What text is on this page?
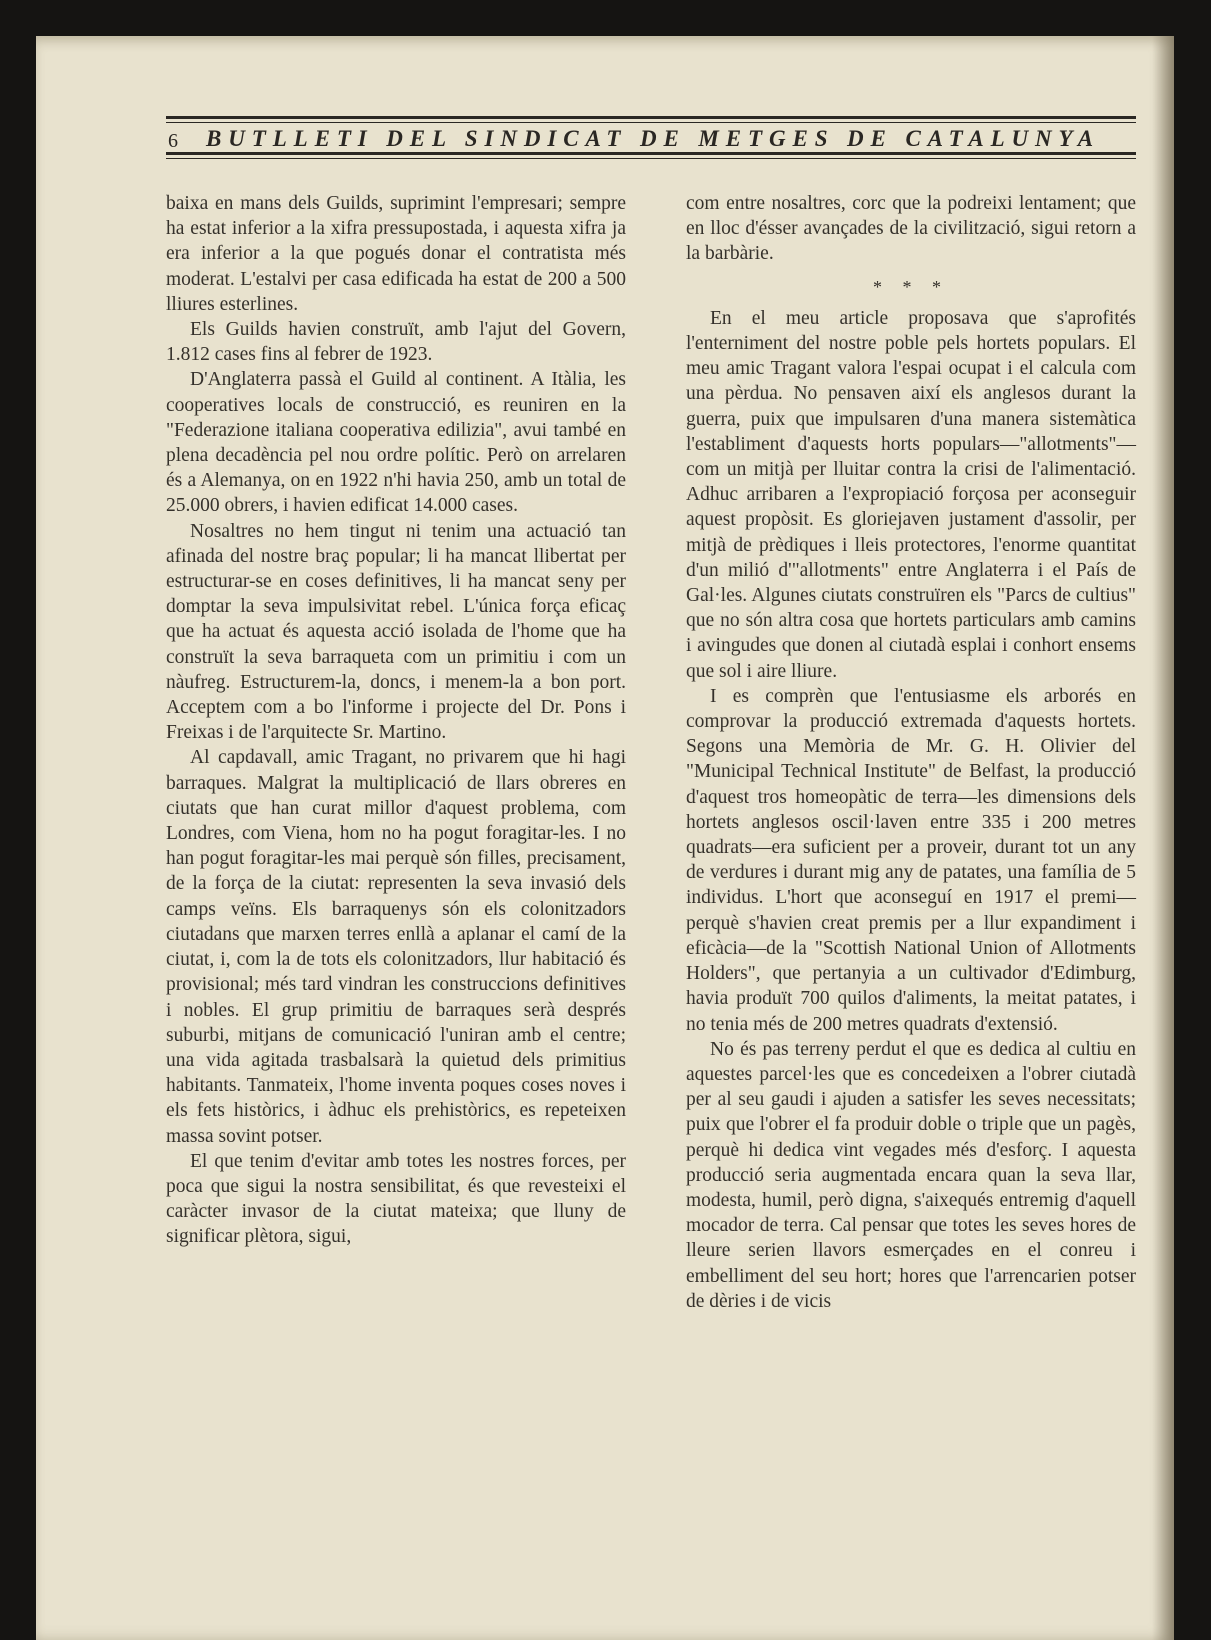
6 BUTLLETI DEL SINDICAT DE METGES DE CATALUNYA

baixa en mans dels Guilds, suprimint l'empresari; sempre ha estat inferior a la xifra pressupostada, i aquesta xifra ja era inferior a la que pogués donar el contratista més moderat. L'estalvi per casa edificada ha estat de 200 a 500 lliures esterlines.

Els Guilds havien construït, amb l'ajut del Govern, 1.812 cases fins al febrer de 1923.

D'Anglaterra passà el Guild al continent. A Itàlia, les cooperatives locals de construcció, es reuniren en la "Federazione italiana cooperativa edilizia", avui també en plena decadència pel nou ordre polític. Però on arrelaren és a Alemanya, on en 1922 n'hi havia 250, amb un total de 25.000 obrers, i havien edificat 14.000 cases.

Nosaltres no hem tingut ni tenim una actuació tan afinada del nostre braç popular; li ha mancat llibertat per estructurar-se en coses definitives, li ha mancat seny per domptar la seva impulsivitat rebel. L'única força eficaç que ha actuat és aquesta acció isolada de l'home que ha construït la seva barraqueta com un primitiu i com un nàufreg. Estructurem-la, doncs, i menem-la a bon port. Acceptem com a bo l'informe i projecte del Dr. Pons i Freixas i de l'arquitecte Sr. Martino.

Al capdavall, amic Tragant, no privarem que hi hagi barraques. Malgrat la multiplicació de llars obreres en ciutats que han curat millor d'aquest problema, com Londres, com Viena, hom no ha pogut foragitar-les. I no han pogut foragitar-les mai perquè són filles, precisament, de la força de la ciutat: representen la seva invasió dels camps veïns. Els barraquenys són els colonitzadors ciutadans que marxen terres enllà a aplanar el camí de la ciutat, i, com la de tots els colonitzadors, llur habitació és provisional; més tard vindran les construccions definitives i nobles. El grup primitiu de barraques serà després suburbi, mitjans de comunicació l'uniran amb el centre; una vida agitada trasbalsarà la quietud dels primitius habitants. Tanmateix, l'home inventa poques coses noves i els fets històrics, i àdhuc els prehistòrics, es repeteixen massa sovint potser.

El que tenim d'evitar amb totes les nostres forces, per poca que sigui la nostra sensibilitat, és que revesteixi el caràcter invasor de la ciutat mateixa; que lluny de significar plètora, sigui,

com entre nosaltres, corc que la podreixi lentament; que en lloc d'ésser avançades de la civilització, sigui retorn a la barbàrie.

* * *

En el meu article proposava que s'aprofités l'enterniment del nostre poble pels hortets populars. El meu amic Tragant valora l'espai ocupat i el calcula com una pèrdua. No pensaven així els anglesos durant la guerra, puix que impulsaren d'una manera sistemàtica l'establiment d'aquests horts populars—"allotments"—com un mitjà per lluitar contra la crisi de l'alimentació. Adhuc arribaren a l'expropiació forçosa per aconseguir aquest propòsit. Es gloriejaven justament d'assolir, per mitjà de prèdiques i lleis protectores, l'enorme quantitat d'un milió d'"allotments" entre Anglaterra i el País de Gal·les. Algunes ciutats construïren els "Parcs de cultius" que no són altra cosa que hortets particulars amb camins i avingudes que donen al ciutadà esplai i conhort ensems que sol i aire lliure.

I es comprèn que l'entusiasme els arborés en comprovar la producció extremada d'aquests hortets. Segons una Memòria de Mr. G. H. Olivier del "Municipal Technical Institute" de Belfast, la producció d'aquest tros homeopàtic de terra—les dimensions dels hortets anglesos oscil·laven entre 335 i 200 metres quadrats—era suficient per a proveir, durant tot un any de verdures i durant mig any de patates, una família de 5 individus. L'hort que aconseguí en 1917 el premi—perquè s'havien creat premis per a llur expandiment i eficàcia—de la "Scottish National Union of Allotments Holders", que pertanyia a un cultivador d'Edimburg, havia produït 700 quilos d'aliments, la meitat patates, i no tenia més de 200 metres quadrats d'extensió.

No és pas terreny perdut el que es dedica al cultiu en aquestes parcel·les que es concedeixen a l'obrer ciutadà per al seu gaudi i ajuden a satisfer les seves necessitats; puix que l'obrer el fa produir doble o triple que un pagès, perquè hi dedica vint vegades més d'esforç. I aquesta producció seria augmentada encara quan la seva llar, modesta, humil, però digna, s'aixequés entremig d'aquell mocador de terra. Cal pensar que totes les seves hores de lleure serien llavors esmerçades en el conreu i embelliment del seu hort; hores que l'arrencarien potser de dèries i de vicis
